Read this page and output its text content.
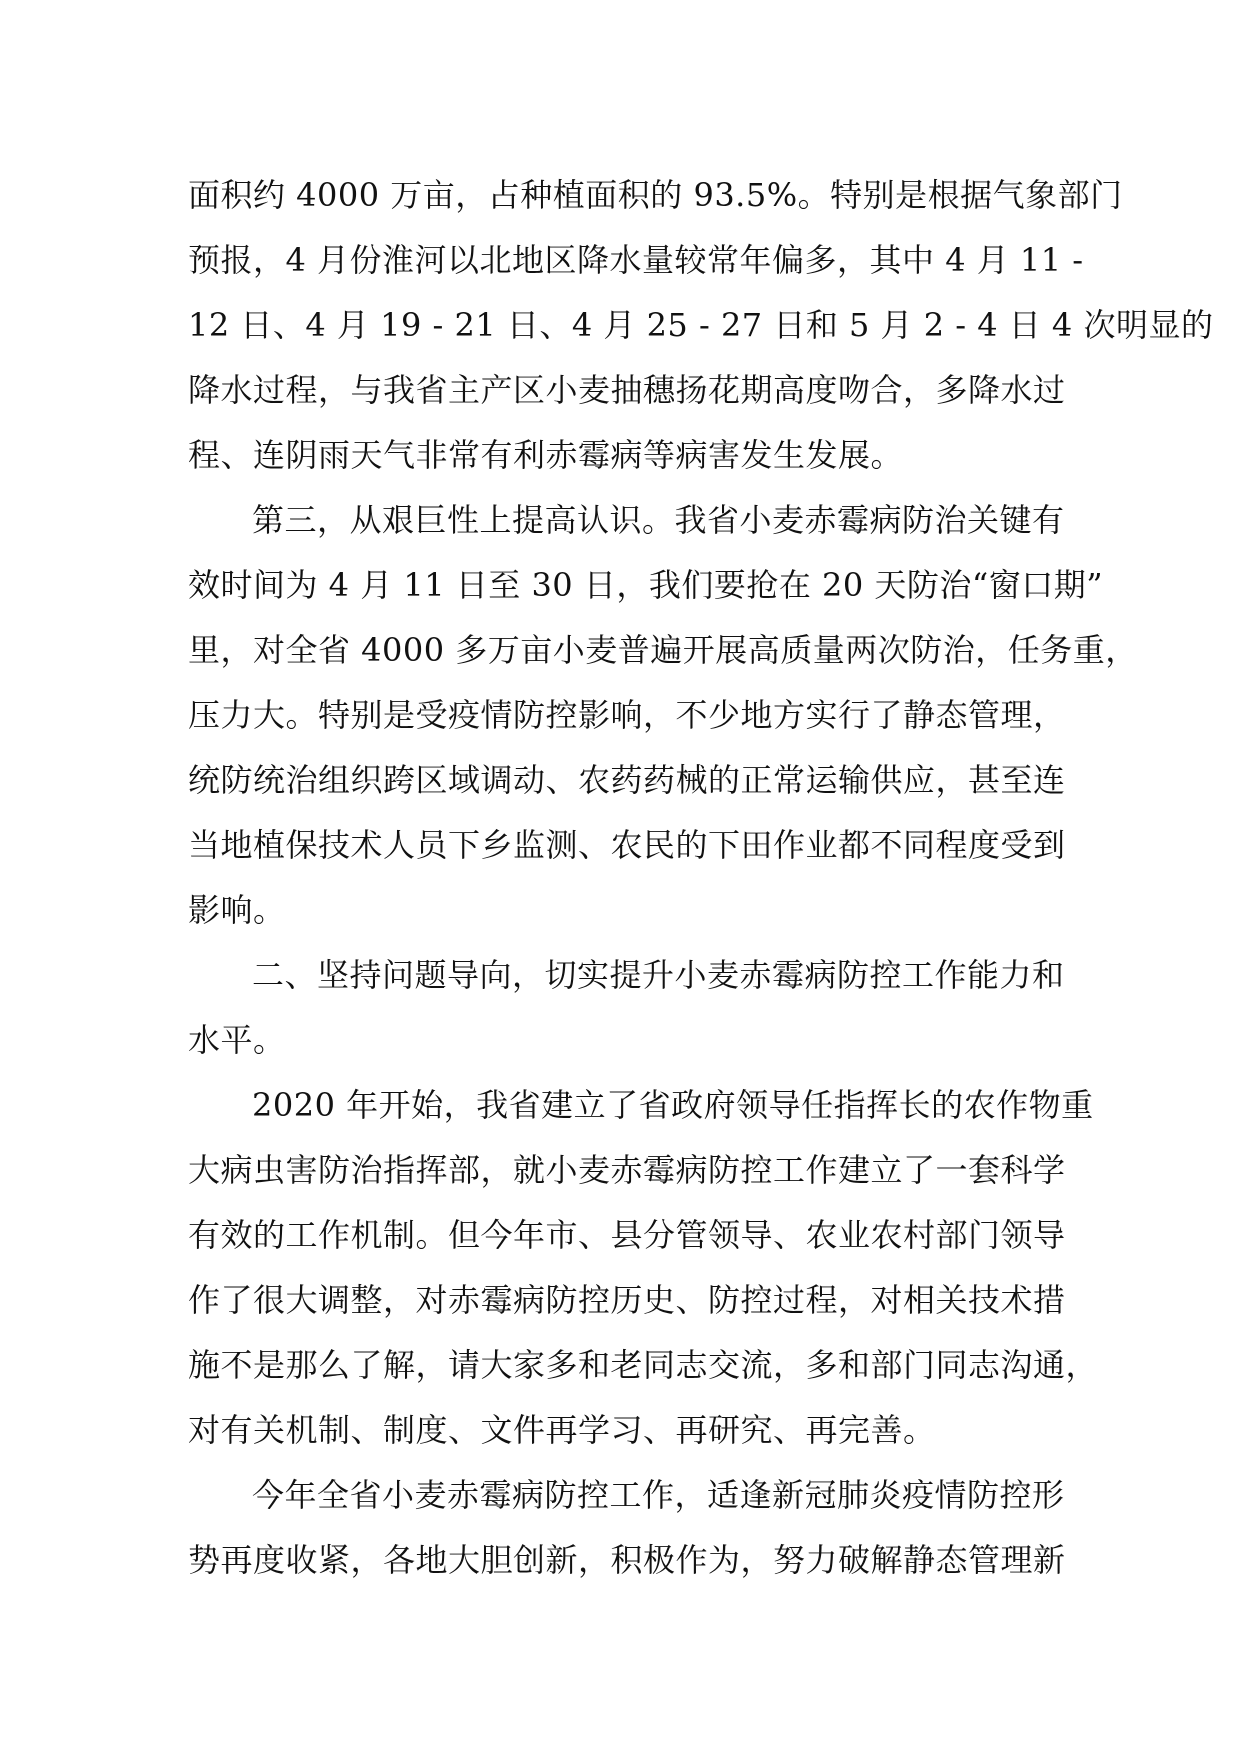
面积约 4000 万亩，占种植面积的 93.5%。特别是根据气象部门
预报，4 月份淮河以北地区降水量较常年偏多，其中 4 月 11 -
12 日、4 月 19 - 21 日、4 月 25 - 27 日和 5 月 2 - 4 日 4 次明显的
降水过程，与我省主产区小麦抽穗扬花期高度吻合，多降水过
程、连阴雨天气非常有利赤霉病等病害发生发展。
第三，从艰巨性上提高认识。我省小麦赤霉病防治关键有
效时间为 4 月 11 日至 30 日，我们要抢在 20 天防治“窗口期”
里，对全省 4000 多万亩小麦普遍开展高质量两次防治，任务重，
压力大。特别是受疫情防控影响，不少地方实行了静态管理，
统防统治组织跨区域调动、农药药械的正常运输供应，甚至连
当地植保技术人员下乡监测、农民的下田作业都不同程度受到
影响。
二、坚持问题导向，切实提升小麦赤霉病防控工作能力和
水平。
2020 年开始，我省建立了省政府领导任指挥长的农作物重
大病虫害防治指挥部，就小麦赤霉病防控工作建立了一套科学
有效的工作机制。但今年市、县分管领导、农业农村部门领导
作了很大调整，对赤霉病防控历史、防控过程，对相关技术措
施不是那么了解，请大家多和老同志交流，多和部门同志沟通，
对有关机制、制度、文件再学习、再研究、再完善。
今年全省小麦赤霉病防控工作，适逢新冠肺炎疫情防控形
势再度收紧，各地大胆创新，积极作为，努力破解静态管理新
